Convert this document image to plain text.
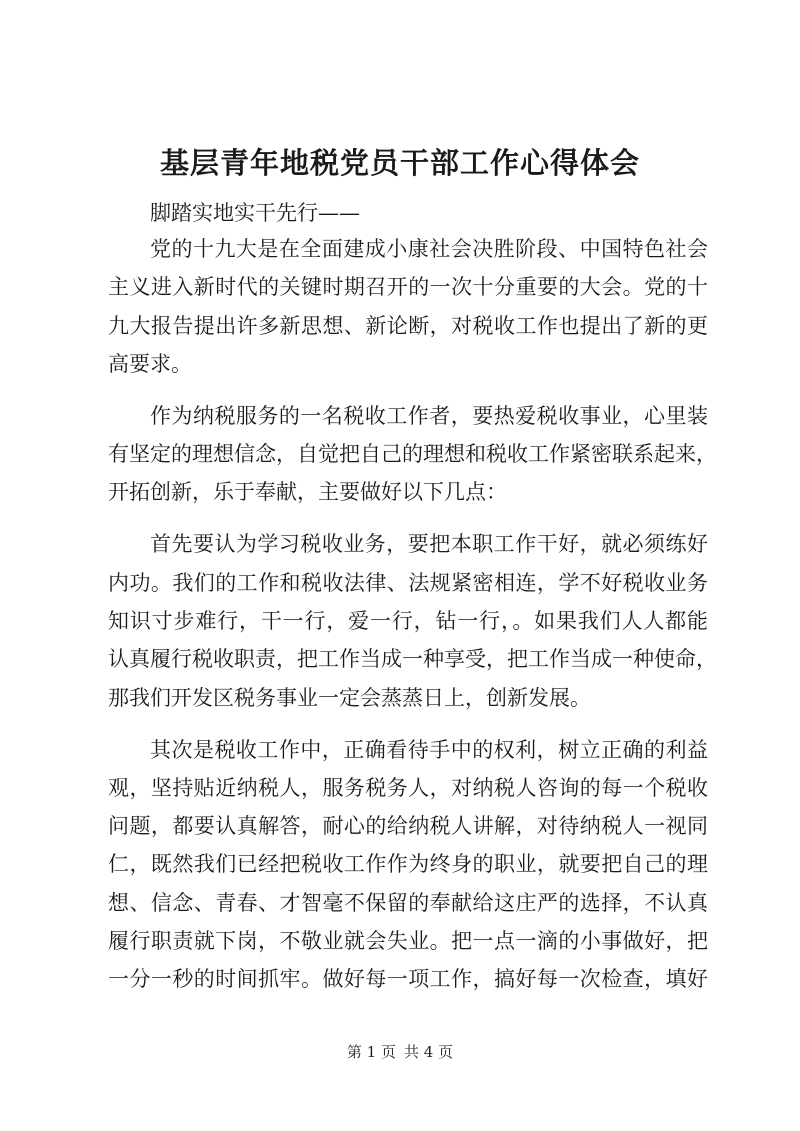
基层青年地税党员干部工作心得体会

脚踏实地实干先行——

党的十九大是在全面建成小康社会决胜阶段、中国特色社会

主义进入新时代的关键时期召开的一次十分重要的大会。党的十

九大报告提出许多新思想、新论断，对税收工作也提出了新的更

高要求。

作为纳税服务的一名税收工作者，要热爱税收事业，心里装

有坚定的理想信念，自觉把自己的理想和税收工作紧密联系起来，

开拓创新，乐于奉献，主要做好以下几点：

首先要认为学习税收业务，要把本职工作干好，就必须练好

内功。我们的工作和税收法律、法规紧密相连，学不好税收业务

知识寸步难行，干一行，爱一行，钻一行，。如果我们人人都能

认真履行税收职责，把工作当成一种享受，把工作当成一种使命，

那我们开发区税务事业一定会蒸蒸日上，创新发展。

其次是税收工作中，正确看待手中的权利，树立正确的利益

观，坚持贴近纳税人，服务税务人，对纳税人咨询的每一个税收

问题，都要认真解答，耐心的给纳税人讲解，对待纳税人一视同

仁，既然我们已经把税收工作作为终身的职业，就要把自己的理

想、信念、青春、才智毫不保留的奉献给这庄严的选择，不认真

履行职责就下岗，不敬业就会失业。把一点一滴的小事做好，把

一分一秒的时间抓牢。做好每一项工作，搞好每一次检查，填好

第 1 页 共 4 页
